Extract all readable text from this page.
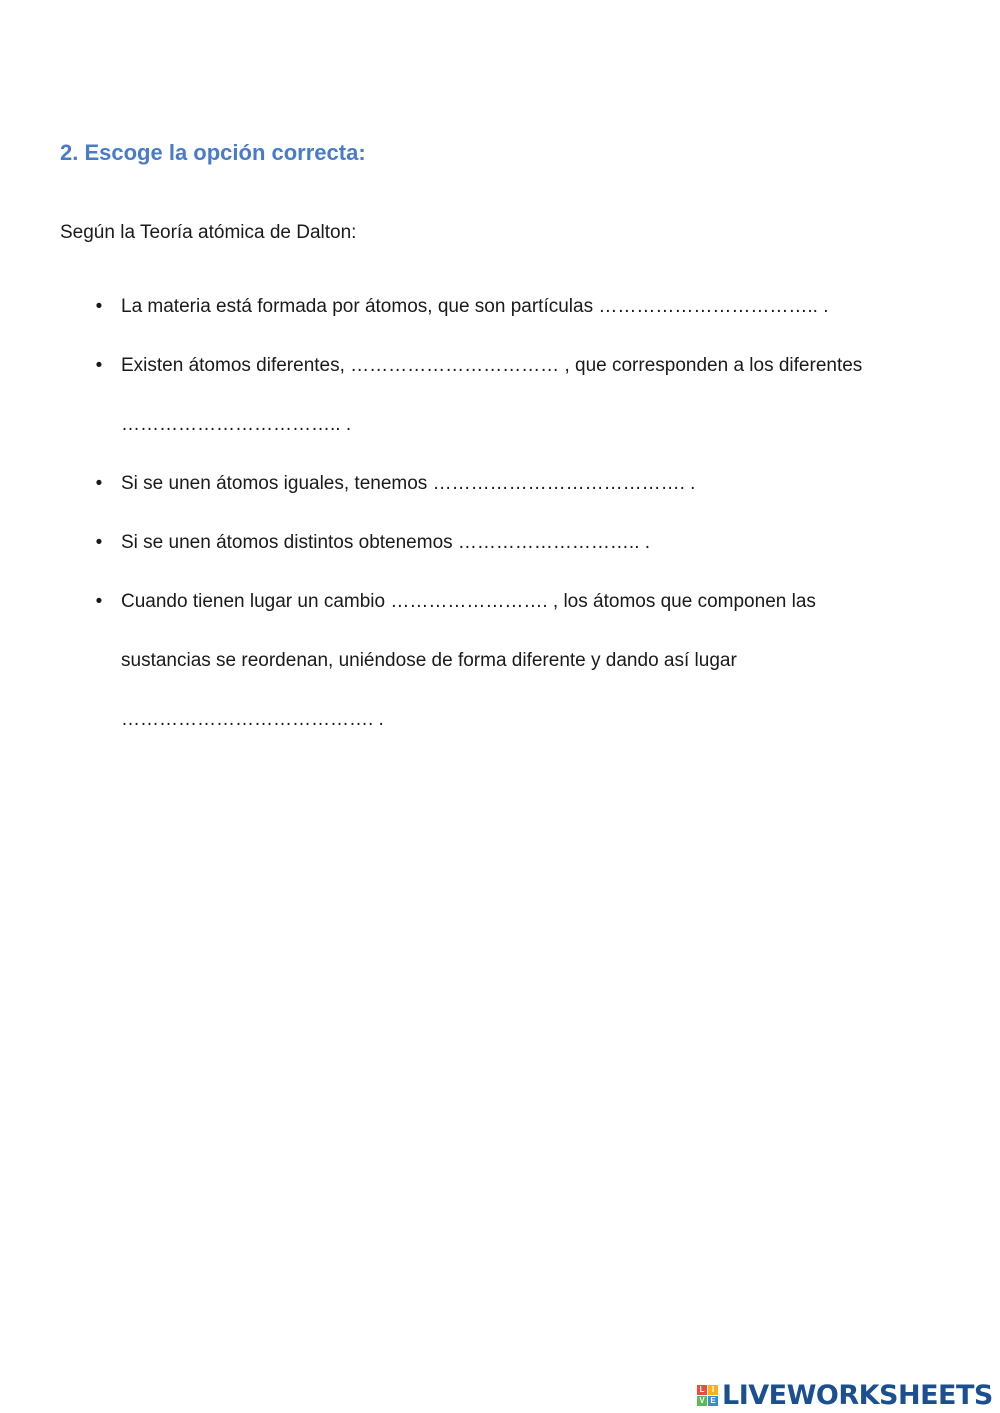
2. Escoge la opción correcta:

Según la Teoría atómica de Dalton:

• La materia está formada por átomos, que son partículas …………………………….. .
• Existen átomos diferentes, …………………………… , que corresponden a los diferentes
…………………………….. .
• Si se unen átomos iguales, tenemos …………………………………. .
• Si se unen átomos distintos obtenemos ……………………….. .
• Cuando tienen lugar un cambio ……………………. , los átomos que componen las
sustancias se reordenan, uniéndose de forma diferente y dando así lugar
…………………………………. .
L I
V E LIVEWORKSHEETS
